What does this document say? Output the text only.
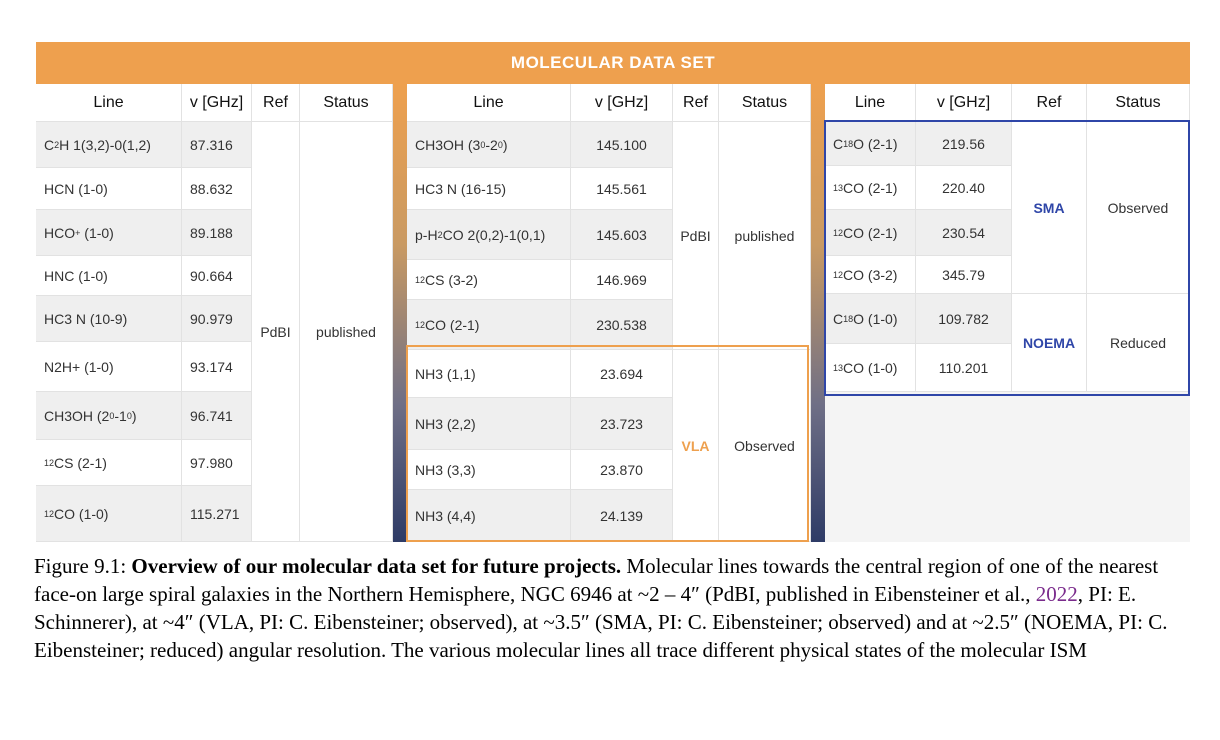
MOLECULAR DATA SET
Line	v [GHz]	Ref	Status
C 2 H 1(3,2)-0(1,2)	87.316
PdBI	published
HCN (1-0)	88.632
HCO + (1-0)	89.188
HNC (1-0)	90.664
HC3 N (10-9)	90.979
N2H+ (1-0)	93.174
CH3OH (2 0 -1 0 )	96.741
12 CS (2-1)	97.980
12 CO (1-0)	115.271
Line	v [GHz]	Ref	Status
CH3OH (3 0 -2 0 )	145.100
PdBI	published
HC3 N (16-15)	145.561
p-H 2 CO 2(0,2)-1(0,1)	145.603
12 CS (3-2)	146.969
12 CO (2-1)	230.538
NH3 (1,1)	23.694
VLA	Observed
NH3 (2,2)	23.723
NH3 (3,3)	23.870
NH3 (4,4)	24.139
Line	v [GHz]	Ref	Status
C 18 O (2-1)	219.56
SMA	Observed
13 CO (2-1)	220.40
12 CO (2-1)	230.54
12 CO (3-2)	345.79
C 18 O (1-0)	109.782
NOEMA	Reduced
13 CO (1-0)	110.201
Figure 9.1: Overview of our molecular data set for future projects. Molecular lines towards the central region of one of the nearest face-on large spiral galaxies in the Northern Hemisphere, NGC 6946 at ~2 – 4″ (PdBI, published in Eibensteiner et al., 2022, PI: E. Schinnerer), at ~4″ (VLA, PI: C. Eibensteiner; observed), at ~3.5″ (SMA, PI: C. Eibensteiner; observed) and at ~2.5″ (NOEMA, PI: C. Eibensteiner; reduced) angular resolution. The various molecular lines all trace different physical states of the molecular ISM
